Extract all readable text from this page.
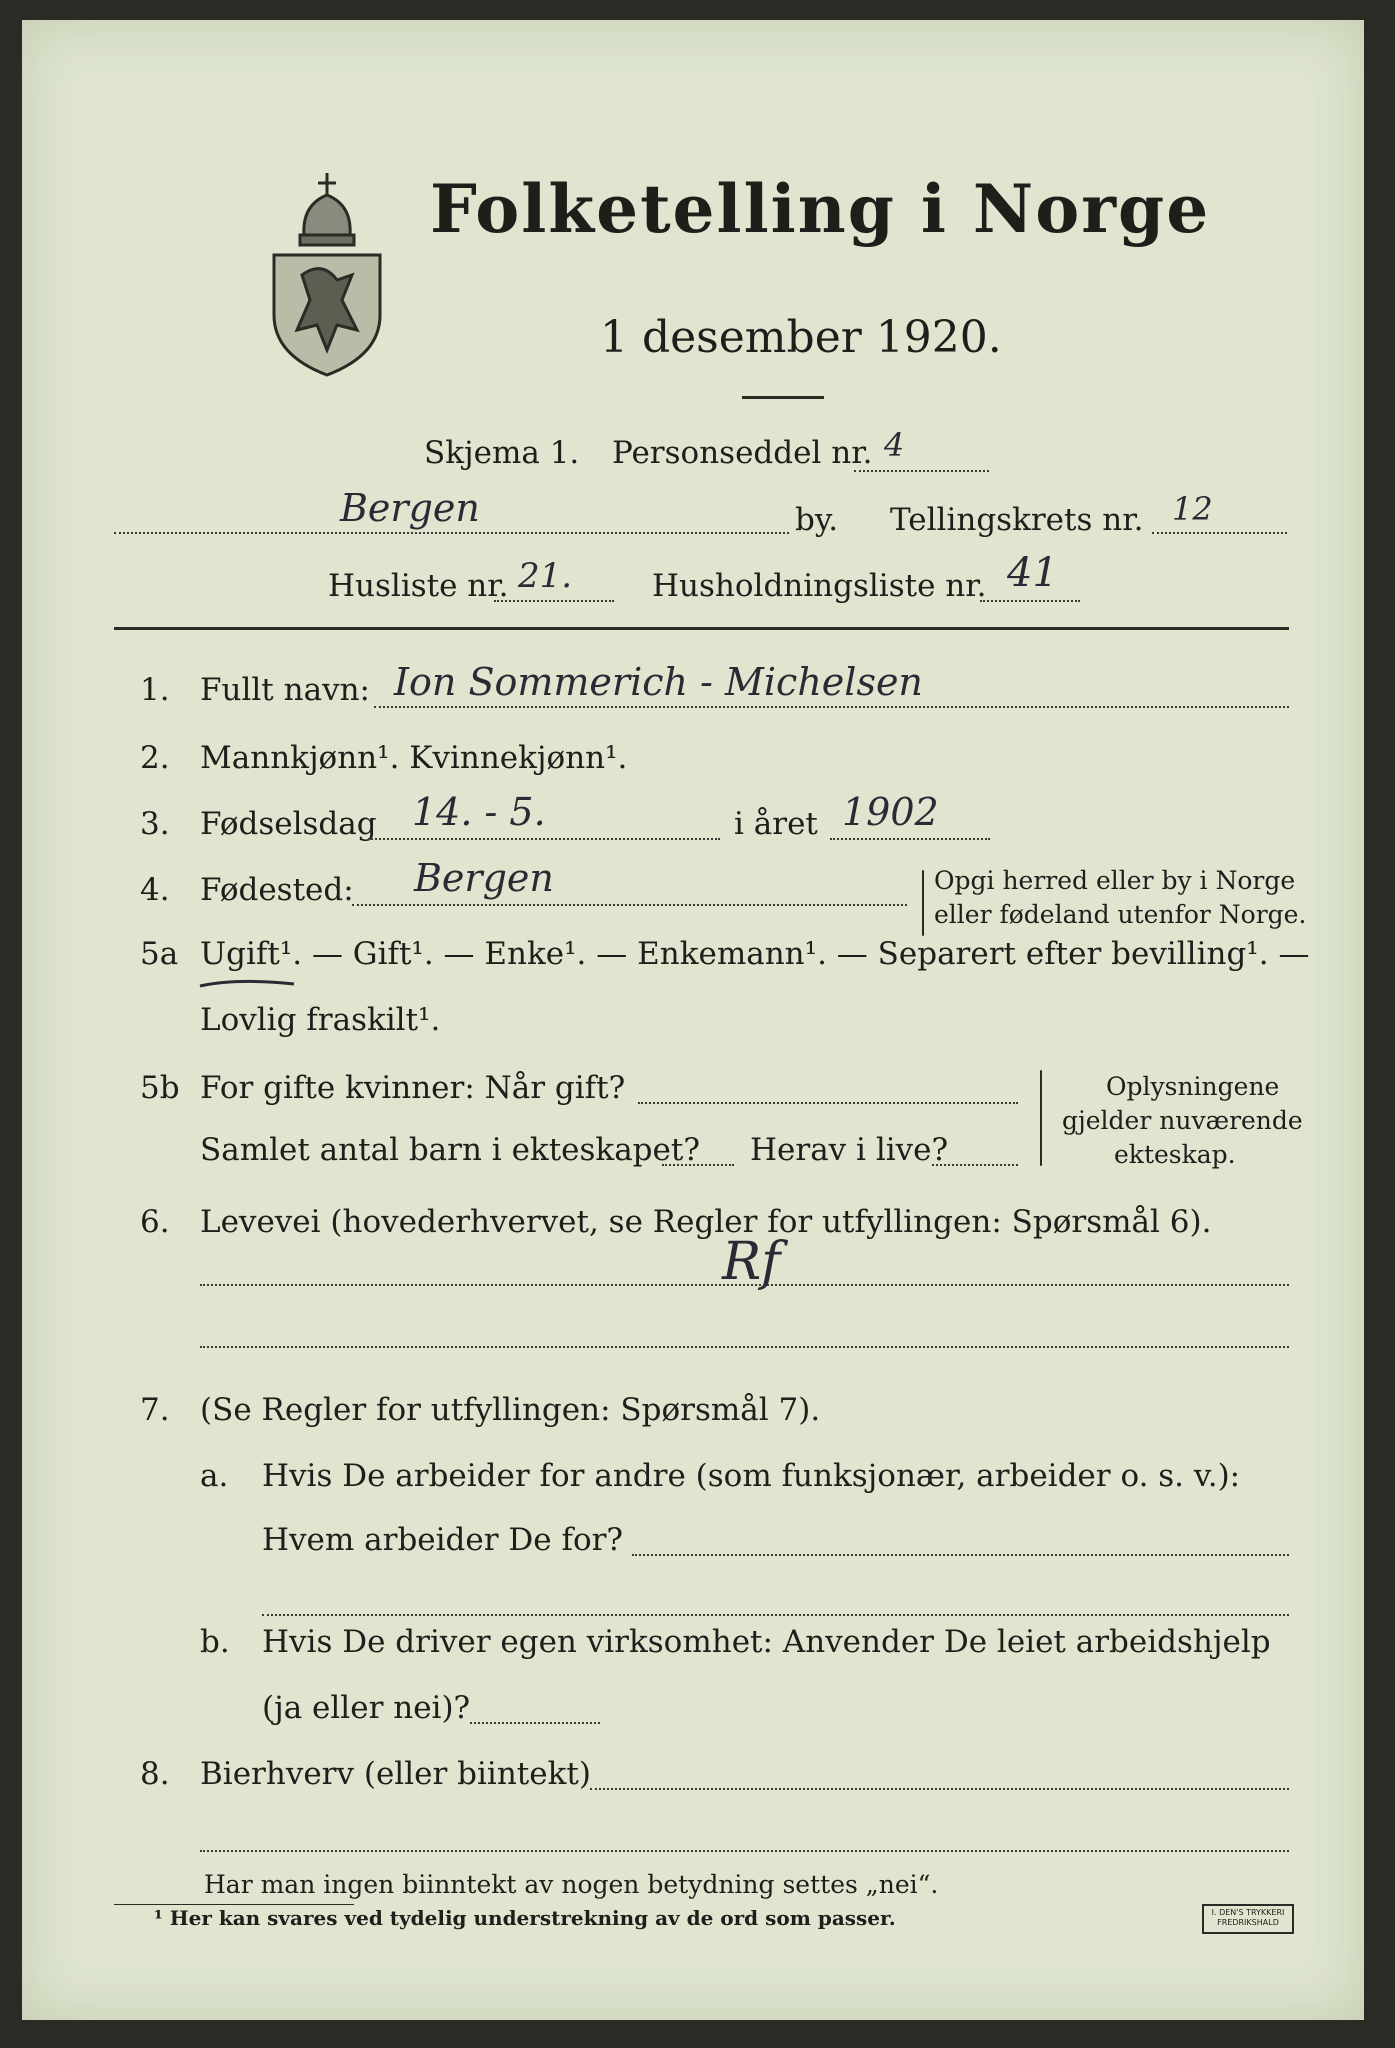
Folketelling i Norge
1 desember 1920.
Skjema 1. Personseddel nr. 4
Bergen	by. Tellingskrets nr. 12
Husliste nr. 21.	Husholdningsliste nr. 41
1. Fullt navn: Ion Sommerich - Michelsen
2. Mannkjønn¹. Kvinnekjønn¹.
3. Fødselsdag 14. - 5.	i året 1902
4. Fødested: Bergen	Opgi herred eller by i Norge
eller fødeland utenfor Norge.
5a Ugift¹. — Gift¹. — Enke¹. — Enkemann¹. — Separert efter bevilling¹. —
Lovlig fraskilt¹.
5b For gifte kvinner: Når gift?
Samlet antal barn i ekteskapet? Herav i live?
Oplysningene
gjelder nuværende
ekteskap.
6. Levevei (hovederhvervet, se Regler for utfyllingen: Spørsmål 6).
Rf
7. (Se Regler for utfyllingen: Spørsmål 7).
a. Hvis De arbeider for andre (som funksjonær, arbeider o. s. v.):
Hvem arbeider De for?
b. Hvis De driver egen virksomhet: Anvender De leiet arbeidshjelp
(ja eller nei)?
8. Bierhverv (eller biintekt)
Har man ingen biinntekt av nogen betydning settes „nei“.
¹ Her kan svares ved tydelig understrekning av de ord som passer.	I. DEN'S TRYKKERI
FREDRIKSHALD
